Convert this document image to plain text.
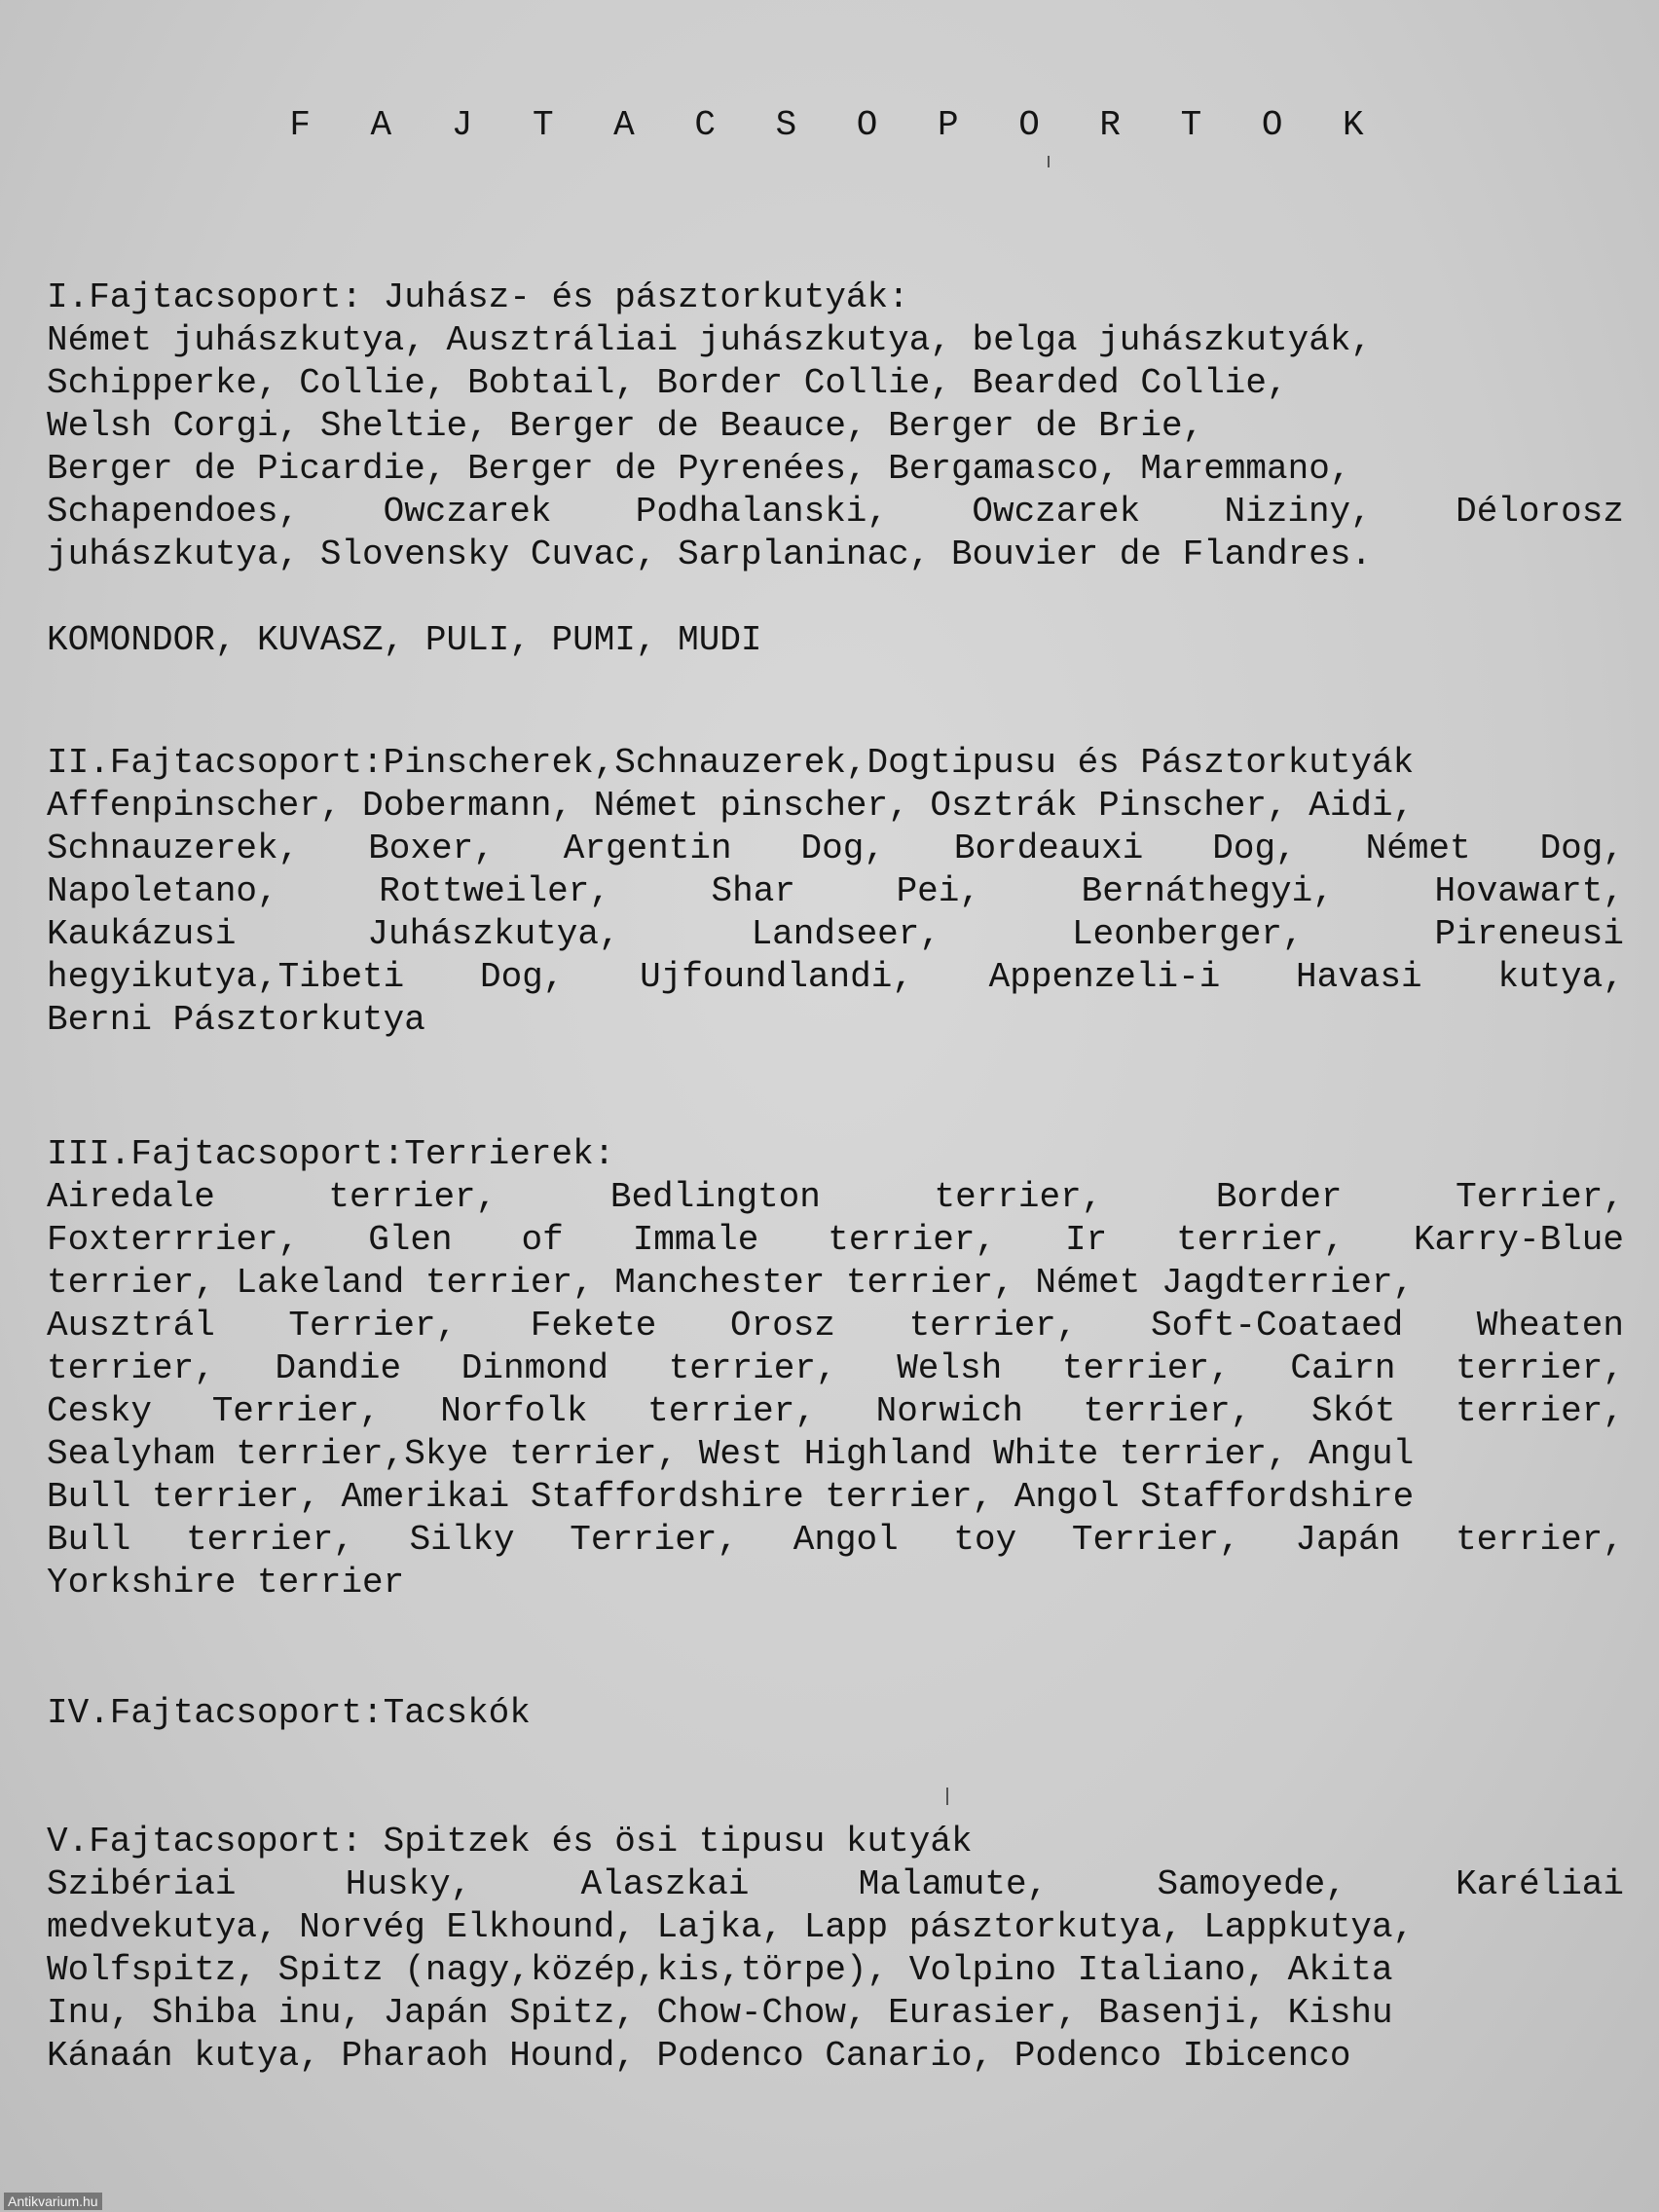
F A J T A C S O P O R T O K
I.Fajtacsoport: Juhász- és pásztorkutyák:
Német juhászkutya, Ausztráliai juhászkutya, belga juhászkutyák,
Schipperke, Collie, Bobtail, Border Collie, Bearded Collie,
Welsh Corgi, Sheltie, Berger de Beauce, Berger de Brie,
Berger de Picardie, Berger de Pyrenées, Bergamasco, Maremmano,
Schapendoes, Owczarek Podhalanski, Owczarek Niziny, Délorosz
juhászkutya, Slovensky Cuvac, Sarplaninac, Bouvier de Flandres.
KOMONDOR, KUVASZ, PULI, PUMI, MUDI
II.Fajtacsoport:Pinscherek,Schnauzerek,Dogtipusu és Pásztorkutyák
Affenpinscher, Dobermann, Német pinscher, Osztrák Pinscher, Aidi,
Schnauzerek, Boxer, Argentin Dog, Bordeauxi Dog, Német Dog,
Napoletano,	Rottweiler,	Shar	Pei,	Bernáthegyi,	Hovawart,
Kaukázusi	Juhászkutya,	Landseer,	Leonberger,	Pireneusi
hegyikutya,Tibeti Dog, Ujfoundlandi, Appenzeli-i Havasi kutya,
Berni Pásztorkutya
III.Fajtacsoport:Terrierek:
Airedale	terrier,	Bedlington	terrier,	Border	Terrier,
Foxterrrier, Glen of Immale terrier, Ir terrier, Karry-Blue
terrier, Lakeland terrier, Manchester terrier, Német Jagdterrier,
Ausztrál Terrier, Fekete Orosz terrier, Soft-Coataed Wheaten
terrier, Dandie Dinmond terrier, Welsh terrier, Cairn terrier,
Cesky Terrier, Norfolk terrier, Norwich terrier, Skót terrier,
Sealyham terrier,Skye terrier, West Highland White terrier, Angul
Bull terrier, Amerikai Staffordshire terrier, Angol Staffordshire
Bull terrier, Silky Terrier, Angol toy Terrier, Japán terrier,
Yorkshire terrier
IV.Fajtacsoport:Tacskók
V.Fajtacsoport: Spitzek és ösi tipusu kutyák
Szibériai	Husky,	Alaszkai	Malamute,	Samoyede,	Karéliai
medvekutya, Norvég Elkhound, Lajka, Lapp pásztorkutya, Lappkutya,
Wolfspitz, Spitz (nagy,közép,kis,törpe), Volpino Italiano, Akita
Inu, Shiba inu, Japán Spitz, Chow-Chow, Eurasier, Basenji, Kishu
Kánaán kutya, Pharaoh Hound, Podenco Canario, Podenco Ibicenco
Antikvarium.hu
